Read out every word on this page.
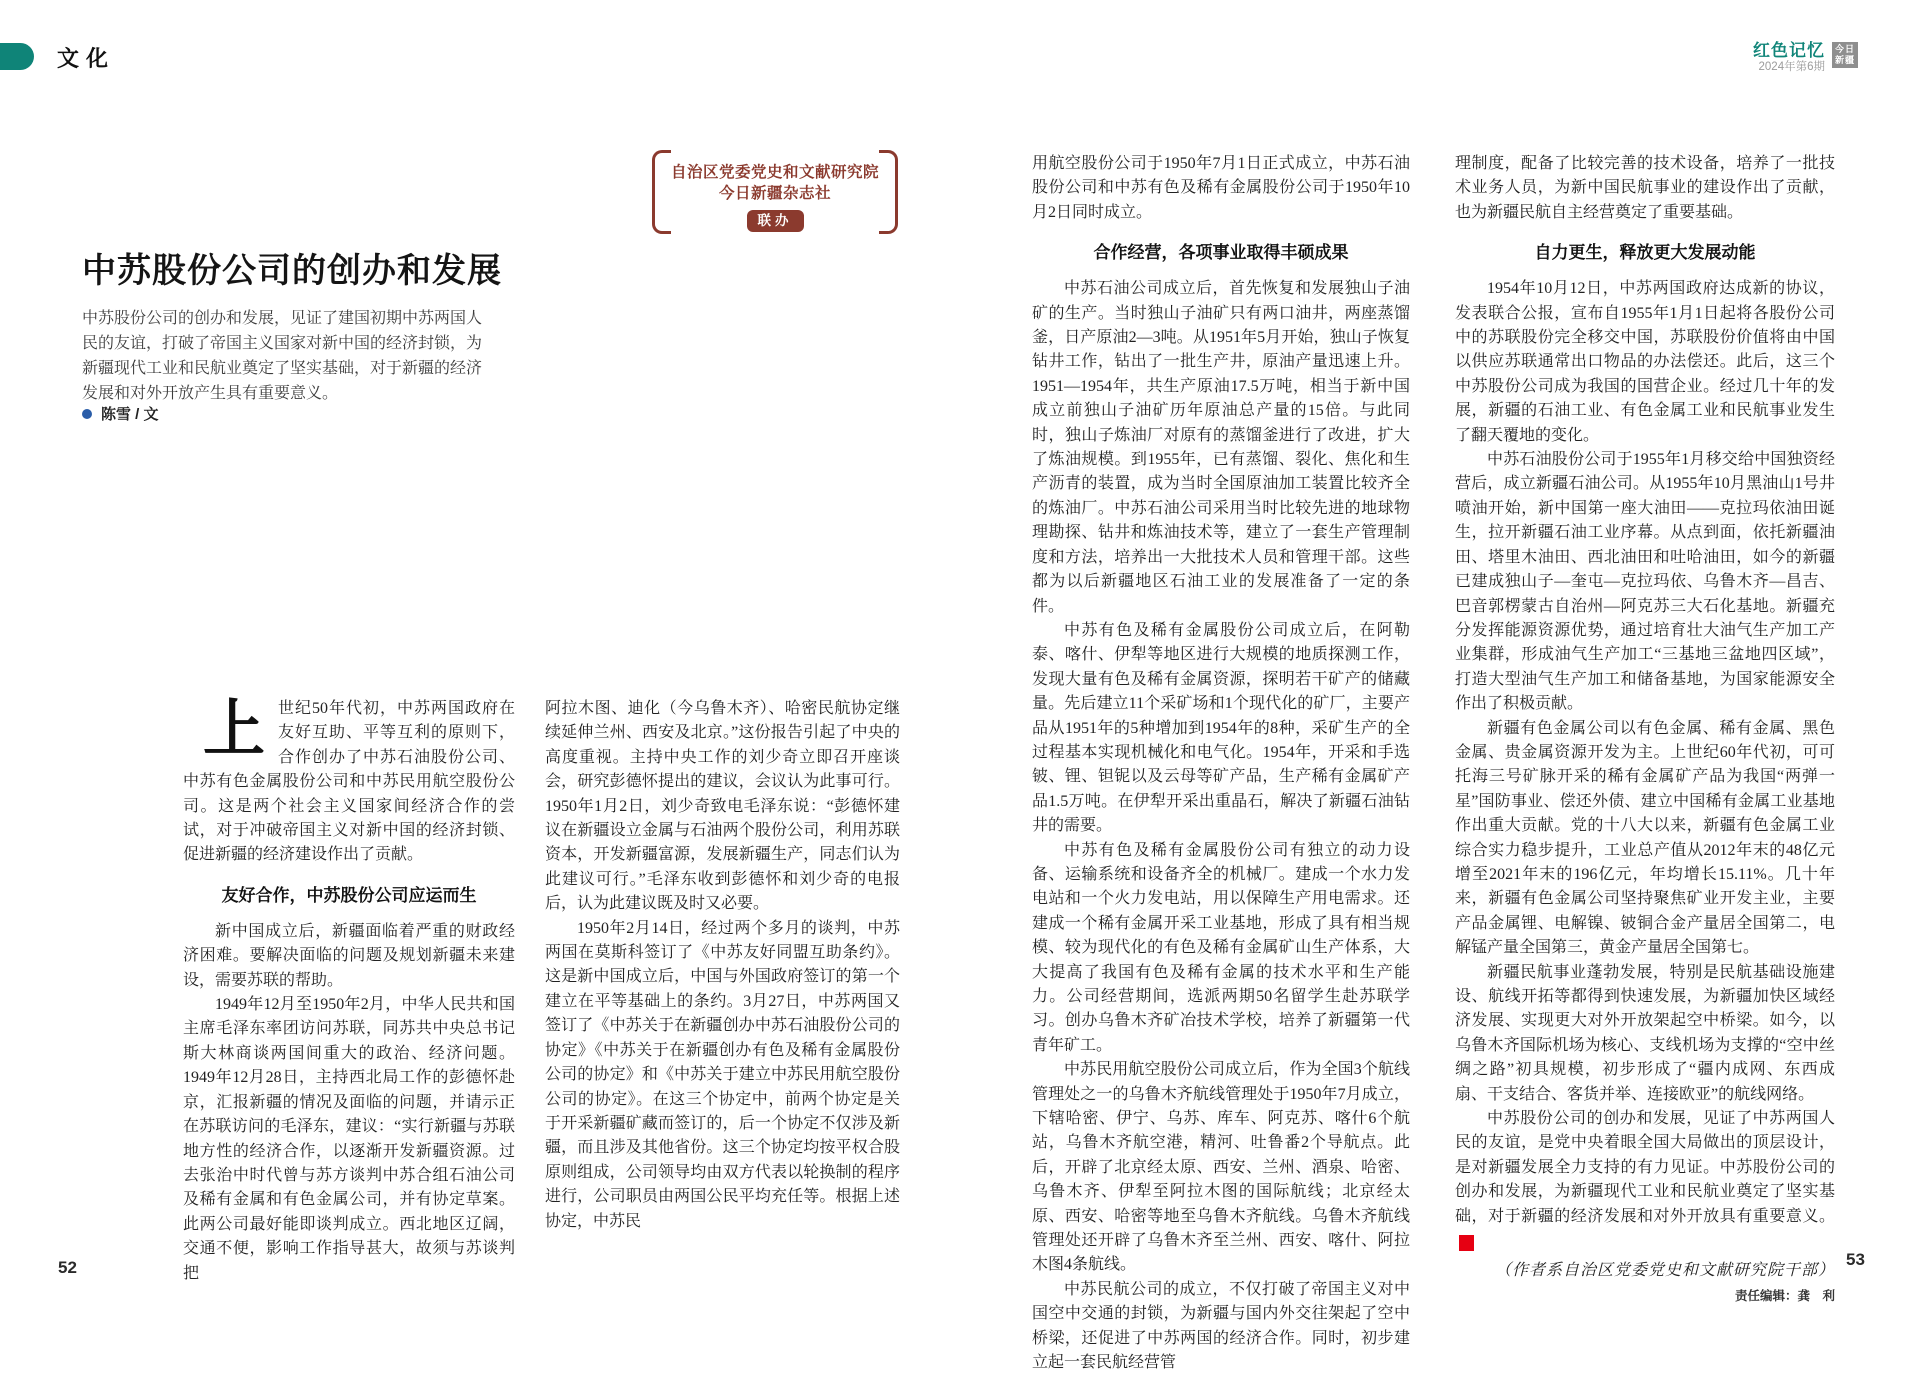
文化	红色记忆
2024年第6期
今日
新疆
自治区党委党史和文献研究院
今日新疆杂志社
联办
中苏股份公司的创办和发展
中苏股份公司的创办和发展，见证了建国初期中苏两国人民的友谊，打破了帝国主义国家对新中国的经济封锁，为新疆现代工业和民航业奠定了坚实基础，对于新疆的经济发展和对外开放产生具有重要意义。
陈雪 / 文

上世纪50年代初，中苏两国政府在友好互助、平等互利的原则下，合作创办了中苏石油股份公司、中苏有色金属股份公司和中苏民用航空股份公司。这是两个社会主义国家间经济合作的尝试，对于冲破帝国主义对新中国的经济封锁、促进新疆的经济建设作出了贡献。

友好合作，中苏股份公司应运而生

新中国成立后，新疆面临着严重的财政经济困难。要解决面临的问题及规划新疆未来建设，需要苏联的帮助。

1949年12月至1950年2月，中华人民共和国主席毛泽东率团访问苏联，同苏共中央总书记斯大林商谈两国间重大的政治、经济问题。1949年12月28日，主持西北局工作的彭德怀赴京，汇报新疆的情况及面临的问题，并请示正在苏联访问的毛泽东，建议：“实行新疆与苏联地方性的经济合作，以逐渐开发新疆资源。过去张治中时代曾与苏方谈判中苏合组石油公司及稀有金属和有色金属公司，并有协定草案。此两公司最好能即谈判成立。西北地区辽阔，交通不便，影响工作指导甚大，故须与苏谈判把

阿拉木图、迪化（今乌鲁木齐）、哈密民航协定继续延伸兰州、西安及北京。”这份报告引起了中央的高度重视。主持中央工作的刘少奇立即召开座谈会，研究彭德怀提出的建议，会议认为此事可行。1950年1月2日，刘少奇致电毛泽东说：“彭德怀建议在新疆设立金属与石油两个股份公司，利用苏联资本，开发新疆富源，发展新疆生产，同志们认为此建议可行。”毛泽东收到彭德怀和刘少奇的电报后，认为此建议既及时又必要。

1950年2月14日，经过两个多月的谈判，中苏两国在莫斯科签订了《中苏友好同盟互助条约》。这是新中国成立后，中国与外国政府签订的第一个建立在平等基础上的条约。3月27日，中苏两国又签订了《中苏关于在新疆创办中苏石油股份公司的协定》《中苏关于在新疆创办有色及稀有金属股份公司的协定》和《中苏关于建立中苏民用航空股份公司的协定》。在这三个协定中，前两个协定是关于开采新疆矿藏而签订的，后一个协定不仅涉及新疆，而且涉及其他省份。这三个协定均按平权合股原则组成，公司领导均由双方代表以轮换制的程序进行，公司职员由两国公民平均充任等。根据上述协定，中苏民

用航空股份公司于1950年7月1日正式成立，中苏石油股份公司和中苏有色及稀有金属股份公司于1950年10月2日同时成立。

合作经营，各项事业取得丰硕成果

中苏石油公司成立后，首先恢复和发展独山子油矿的生产。当时独山子油矿只有两口油井，两座蒸馏釜，日产原油2—3吨。从1951年5月开始，独山子恢复钻井工作，钻出了一批生产井，原油产量迅速上升。1951—1954年，共生产原油17.5万吨，相当于新中国成立前独山子油矿历年原油总产量的15倍。与此同时，独山子炼油厂对原有的蒸馏釜进行了改进，扩大了炼油规模。到1955年，已有蒸馏、裂化、焦化和生产沥青的装置，成为当时全国原油加工装置比较齐全的炼油厂。中苏石油公司采用当时比较先进的地球物理勘探、钻井和炼油技术等，建立了一套生产管理制度和方法，培养出一大批技术人员和管理干部。这些都为以后新疆地区石油工业的发展准备了一定的条件。

中苏有色及稀有金属股份公司成立后，在阿勒泰、喀什、伊犁等地区进行大规模的地质探测工作，发现大量有色及稀有金属资源，探明若干矿产的储藏量。先后建立11个采矿场和1个现代化的矿厂，主要产品从1951年的5种增加到1954年的8种，采矿生产的全过程基本实现机械化和电气化。1954年，开采和手选铍、锂、钽铌以及云母等矿产品，生产稀有金属矿产品1.5万吨。在伊犁开采出重晶石，解决了新疆石油钻井的需要。

中苏有色及稀有金属股份公司有独立的动力设备、运输系统和设备齐全的机械厂。建成一个水力发电站和一个火力发电站，用以保障生产用电需求。还建成一个稀有金属开采工业基地，形成了具有相当规模、较为现代化的有色及稀有金属矿山生产体系，大大提高了我国有色及稀有金属的技术水平和生产能力。公司经营期间，选派两期50名留学生赴苏联学习。创办乌鲁木齐矿冶技术学校，培养了新疆第一代青年矿工。

中苏民用航空股份公司成立后，作为全国3个航线管理处之一的乌鲁木齐航线管理处于1950年7月成立，下辖哈密、伊宁、乌苏、库车、阿克苏、喀什6个航站，乌鲁木齐航空港，精河、吐鲁番2个导航点。此后，开辟了北京经太原、西安、兰州、酒泉、哈密、乌鲁木齐、伊犁至阿拉木图的国际航线；北京经太原、西安、哈密等地至乌鲁木齐航线。乌鲁木齐航线管理处还开辟了乌鲁木齐至兰州、西安、喀什、阿拉木图4条航线。

中苏民航公司的成立，不仅打破了帝国主义对中国空中交通的封锁，为新疆与国内外交往架起了空中桥梁，还促进了中苏两国的经济合作。同时，初步建立起一套民航经营管

理制度，配备了比较完善的技术设备，培养了一批技术业务人员，为新中国民航事业的建设作出了贡献，也为新疆民航自主经营奠定了重要基础。

自力更生，释放更大发展动能

1954年10月12日，中苏两国政府达成新的协议，发表联合公报，宣布自1955年1月1日起将各股份公司中的苏联股份完全移交中国，苏联股份价值将由中国以供应苏联通常出口物品的办法偿还。此后，这三个中苏股份公司成为我国的国营企业。经过几十年的发展，新疆的石油工业、有色金属工业和民航事业发生了翻天覆地的变化。

中苏石油股份公司于1955年1月移交给中国独资经营后，成立新疆石油公司。从1955年10月黑油山1号井喷油开始，新中国第一座大油田——克拉玛依油田诞生，拉开新疆石油工业序幕。从点到面，依托新疆油田、塔里木油田、西北油田和吐哈油田，如今的新疆已建成独山子—奎屯—克拉玛依、乌鲁木齐—昌吉、巴音郭楞蒙古自治州—阿克苏三大石化基地。新疆充分发挥能源资源优势，通过培育壮大油气生产加工产业集群，形成油气生产加工“三基地三盆地四区域”，打造大型油气生产加工和储备基地，为国家能源安全作出了积极贡献。

新疆有色金属公司以有色金属、稀有金属、黑色金属、贵金属资源开发为主。上世纪60年代初，可可托海三号矿脉开采的稀有金属矿产品为我国“两弹一星”国防事业、偿还外债、建立中国稀有金属工业基地作出重大贡献。党的十八大以来，新疆有色金属工业综合实力稳步提升，工业总产值从2012年末的48亿元增至2021年末的196亿元，年均增长15.11%。几十年来，新疆有色金属公司坚持聚焦矿业开发主业，主要产品金属锂、电解镍、铍铜合金产量居全国第二，电解锰产量全国第三，黄金产量居全国第七。

新疆民航事业蓬勃发展，特别是民航基础设施建设、航线开拓等都得到快速发展，为新疆加快区域经济发展、实现更大对外开放架起空中桥梁。如今，以乌鲁木齐国际机场为核心、支线机场为支撑的“空中丝绸之路”初具规模，初步形成了“疆内成网、东西成扇、干支结合、客货并举、连接欧亚”的航线网络。

中苏股份公司的创办和发展，见证了中苏两国人民的友谊，是党中央着眼全国大局做出的顶层设计，是对新疆发展全力支持的有力见证。中苏股份公司的创办和发展，为新疆现代工业和民航业奠定了坚实基础，对于新疆的经济发展和对外开放具有重要意义。J

（作者系自治区党委党史和文献研究院干部）
责任编辑：龚　利
52	53
